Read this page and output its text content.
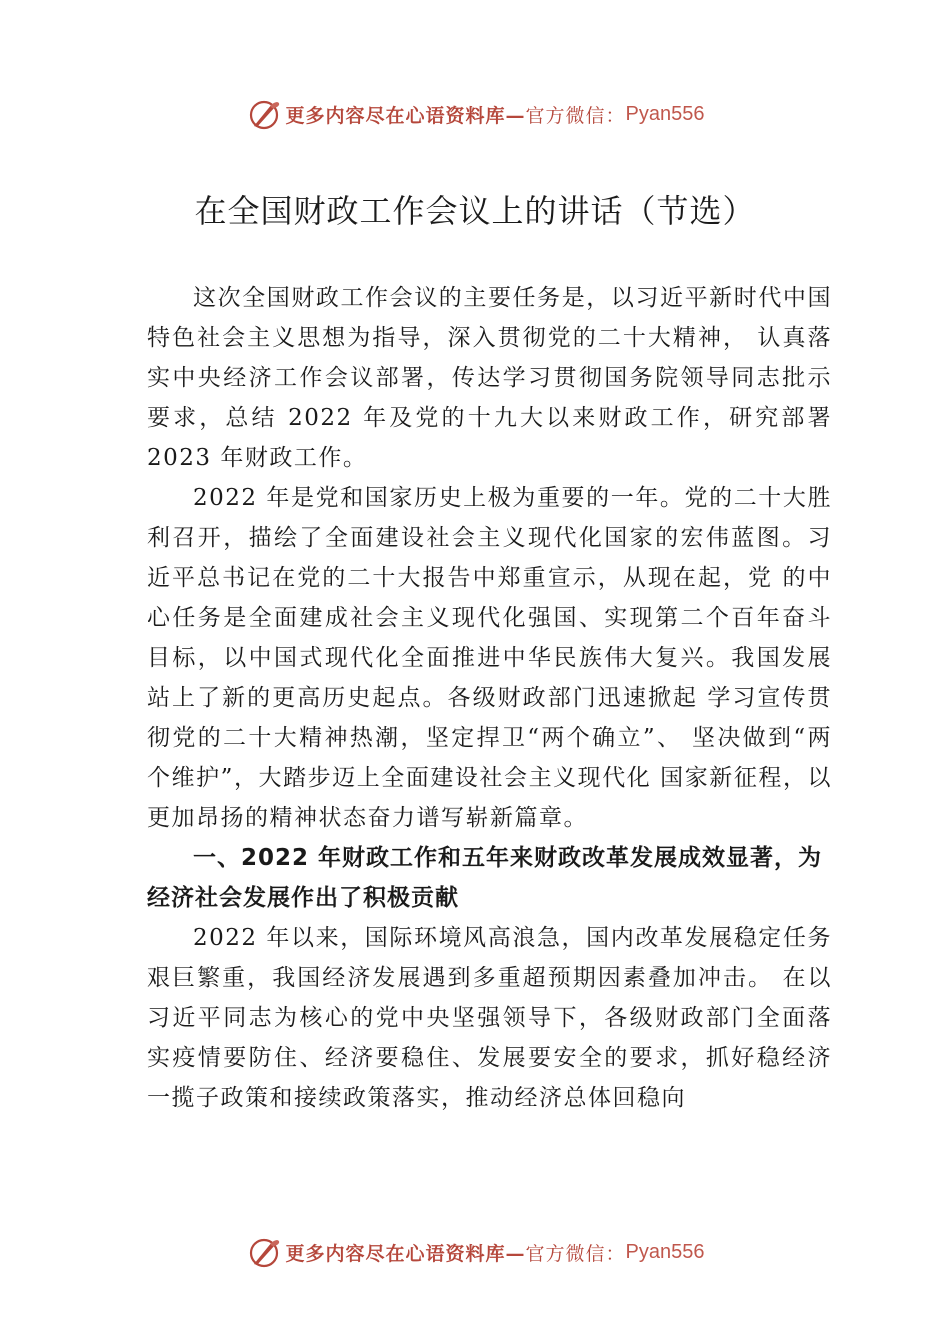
更多内容尽在心语资料库— 官方微信： Pyan556
在全国财政工作会议上的讲话（节选）

这次全国财政工作会议的主要任务是，以习近平新时代中国特色社会主义思想为指导，深入贯彻党的二十大精神， 认真落实中央经济工作会议部署，传达学习贯彻国务院领导同志批示要求，总结 2022 年及党的十九大以来财政工作，研究部署 2023 年财政工作。

2022 年是党和国家历史上极为重要的一年。党的二十大胜利召开，描绘了全面建设社会主义现代化国家的宏伟蓝图。习近平总书记在党的二十大报告中郑重宣示，从现在起，党 的中心任务是全面建成社会主义现代化强国、实现第二个百年奋斗目标，以中国式现代化全面推进中华民族伟大复兴。我国发展站上了新的更高历史起点。各级财政部门迅速掀起 学习宣传贯彻党的二十大精神热潮，坚定捍卫“两个确立”、 坚决做到“两个维护”，大踏步迈上全面建设社会主义现代化 国家新征程，以更加昂扬的精神状态奋力谱写崭新篇章。

一、2022 年财政工作和五年来财政改革发展成效显著，为经济社会发展作出了积极贡献

2022 年以来，国际环境风高浪急，国内改革发展稳定任务艰巨繁重，我国经济发展遇到多重超预期因素叠加冲击。 在以习近平同志为核心的党中央坚强领导下，各级财政部门全面落实疫情要防住、经济要稳住、发展要安全的要求，抓好稳经济一揽子政策和接续政策落实，推动经济总体回稳向

更多内容尽在心语资料库— 官方微信： Pyan556
